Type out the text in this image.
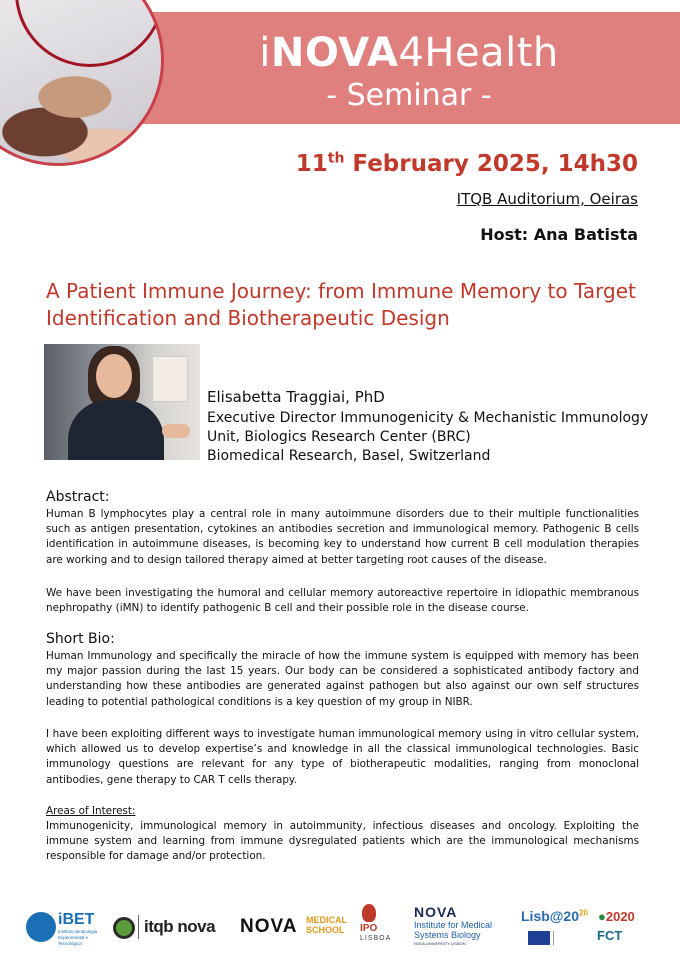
iNOVA4Health
- Seminar -
11th February 2025, 14h30
ITQB Auditorium, Oeiras
Host: Ana Batista
A Patient Immune Journey: from Immune Memory to Target Identification and Biotherapeutic Design
Elisabetta Traggiai, PhD
Executive Director Immunogenicity & Mechanistic Immunology
Unit, Biologics Research Center (BRC)
Biomedical Research, Basel, Switzerland
Abstract:
Human B lymphocytes play a central role in many autoimmune disorders due to their multiple functionalities such as antigen presentation, cytokines an antibodies secretion and immunological memory. Pathogenic B cells identification in autoimmune diseases, is becoming key to understand how current B cell modulation therapies are working and to design tailored therapy aimed at better targeting root causes of the disease.
We have been investigating the humoral and cellular memory autoreactive repertoire in idiopathic membranous nephropathy (iMN) to identify pathogenic B cell and their possible role in the disease course.
Short Bio:
Human Immunology and specifically the miracle of how the immune system is equipped with memory has been my major passion during the last 15 years. Our body can be considered a sophisticated antibody factory and understanding how these antibodies are generated against pathogen but also against our own self structures leading to potential pathological conditions is a key question of my group in NIBR.
I have been exploiting different ways to investigate human immunological memory using in vitro cellular system, which allowed us to develop expertise’s and knowledge in all the classical immunological technologies. Basic immunology questions are relevant for any type of biotherapeutic modalities, ranging from monoclonal antibodies, gene therapy to CAR T cells therapy.
Areas of Interest:
Immunogenicity, immunological memory in autoimmunity, infectious diseases and oncology. Exploiting the immune system and learning from immune dysregulated patients which are the immunological mechanisms responsible for damage and/or protection.
iBET
Instituto de Biologia Experimental e Tecnológica
itqb nova NOVA MEDICAL
SCHOOL IPO
LISBOA
NOVA
Institute for Medical
Systems Biology
NOVA UNIVERSITY LISBON
$Lisb@20^{20}$ ●2020
FCT
